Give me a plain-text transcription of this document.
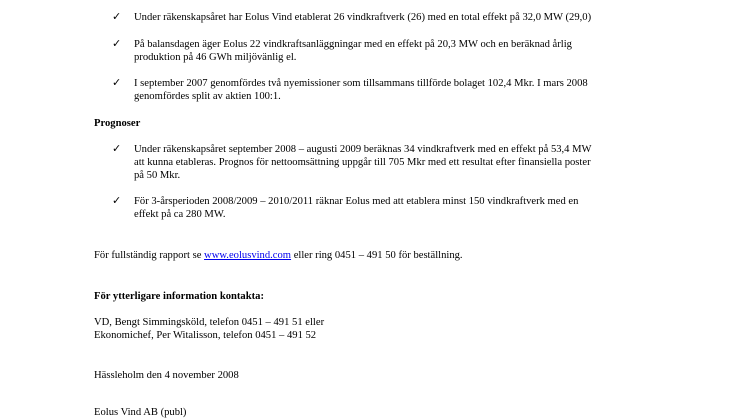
✓ Under räkenskapsåret har Eolus Vind etablerat 26 vindkraftverk (26) med en total effekt på 32,0 MW (29,0)
✓ På balansdagen äger Eolus 22 vindkraftsanläggningar med en effekt på 20,3 MW och en beräknad årlig
produktion på 46 GWh miljövänlig el.
✓ I september 2007 genomfördes två nyemissioner som tillsammans tillförde bolaget 102,4 Mkr. I mars 2008
genomfördes split av aktien 100:1.
Prognoser
✓ Under räkenskapsåret september 2008 – augusti 2009 beräknas 34 vindkraftverk med en effekt på 53,4 MW
att kunna etableras. Prognos för nettoomsättning uppgår till 705 Mkr med ett resultat efter finansiella poster
på 50 Mkr.
✓ För 3-årsperioden 2008/2009 – 2010/2011 räknar Eolus med att etablera minst 150 vindkraftverk med en
effekt på ca 280 MW.
För fullständig rapport se www.eolusvind.com eller ring 0451 – 491 50 för beställning.
För ytterligare information kontakta:
VD, Bengt Simmingsköld, telefon 0451 – 491 51 eller
Ekonomichef, Per Witalisson, telefon 0451 – 491 52
Hässleholm den 4 november 2008
Eolus Vind AB (publ)
